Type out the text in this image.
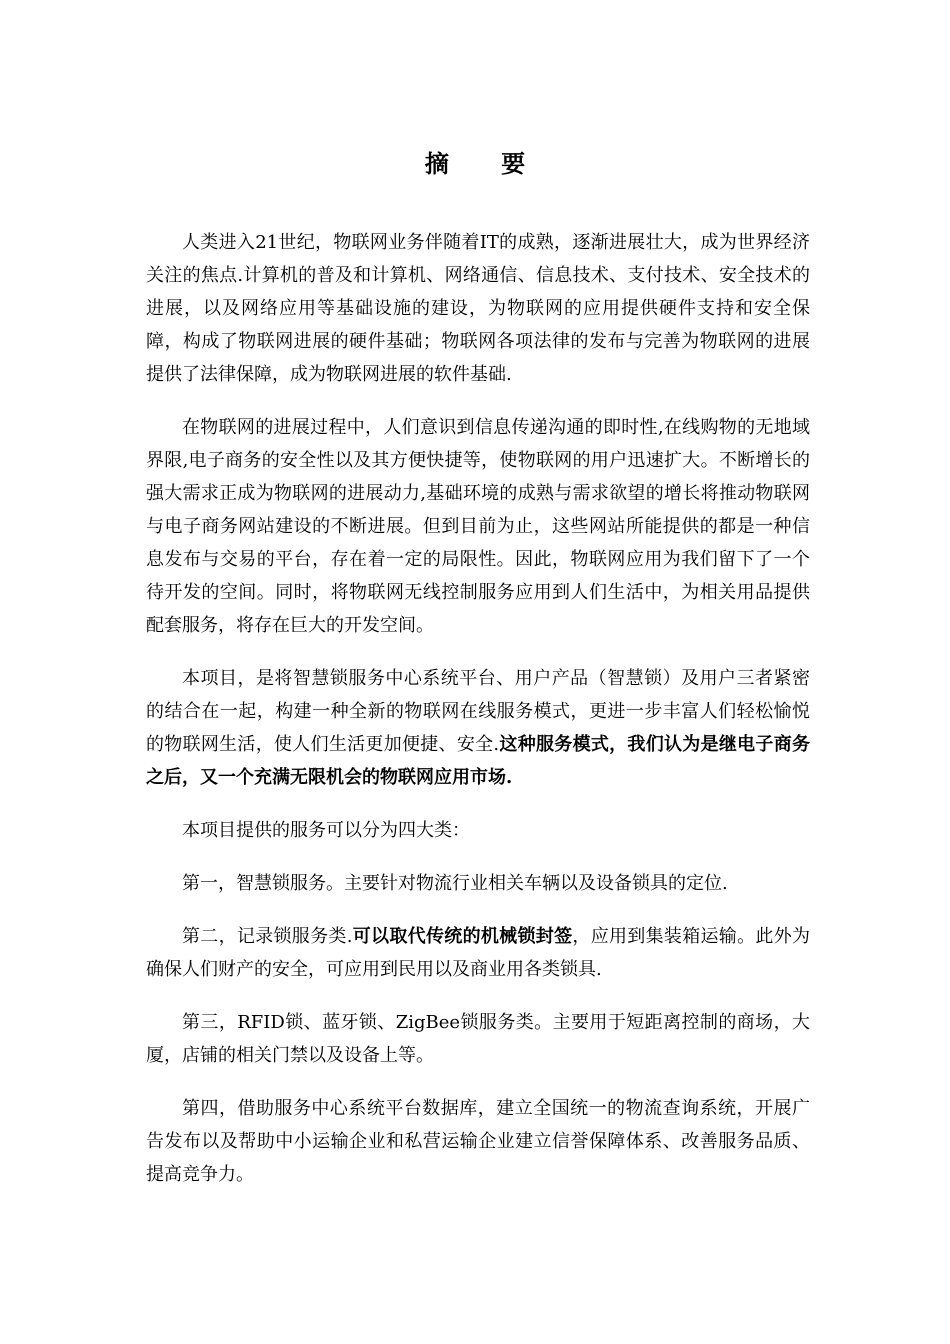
摘 要

人类进入21世纪，物联网业务伴随着IT的成熟，逐渐进展壮大，成为世界经济关注的焦点.计算机的普及和计算机、网络通信、信息技术、支付技术、安全技术的进展，以及网络应用等基础设施的建设，为物联网的应用提供硬件支持和安全保障，构成了物联网进展的硬件基础；物联网各项法律的发布与完善为物联网的进展提供了法律保障，成为物联网进展的软件基础.

在物联网的进展过程中，人们意识到信息传递沟通的即时性,在线购物的无地域界限,电子商务的安全性以及其方便快捷等，使物联网的用户迅速扩大。不断增长的强大需求正成为物联网的进展动力,基础环境的成熟与需求欲望的增长将推动物联网与电子商务网站建设的不断进展。但到目前为止，这些网站所能提供的都是一种信息发布与交易的平台，存在着一定的局限性。因此，物联网应用为我们留下了一个待开发的空间。同时，将物联网无线控制服务应用到人们生活中，为相关用品提供配套服务，将存在巨大的开发空间。

本项目，是将智慧锁服务中心系统平台、用户产品（智慧锁）及用户三者紧密的结合在一起，构建一种全新的物联网在线服务模式，更进一步丰富人们轻松愉悦的物联网生活，使人们生活更加便捷、安全.这种服务模式，我们认为是继电子商务之后，又一个充满无限机会的物联网应用市场.

本项目提供的服务可以分为四大类：

第一，智慧锁服务。主要针对物流行业相关车辆以及设备锁具的定位.

第二，记录锁服务类.可以取代传统的机械锁封签，应用到集装箱运输。此外为确保人们财产的安全，可应用到民用以及商业用各类锁具.

第三，RFID锁、蓝牙锁、ZigBee锁服务类。主要用于短距离控制的商场，大厦，店铺的相关门禁以及设备上等。

第四，借助服务中心系统平台数据库，建立全国统一的物流查询系统，开展广告发布以及帮助中小运输企业和私营运输企业建立信誉保障体系、改善服务品质、提高竞争力。
